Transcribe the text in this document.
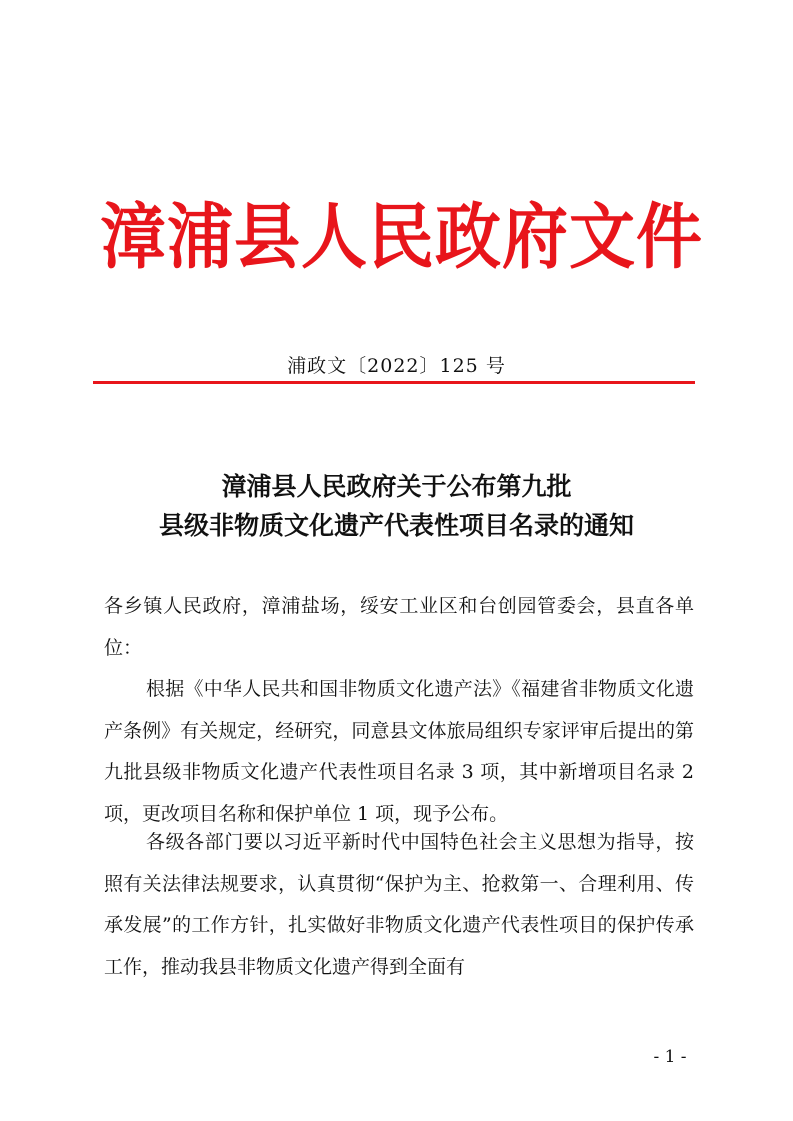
漳浦县人民政府文件
浦政文〔2022〕125 号
漳浦县人民政府关于公布第九批
县级非物质文化遗产代表性项目名录的通知

各乡镇人民政府，漳浦盐场，绥安工业区和台创园管委会，县直各单位：

根据《中华人民共和国非物质文化遗产法》《福建省非物质文化遗产条例》有关规定，经研究，同意县文体旅局组织专家评审后提出的第九批县级非物质文化遗产代表性项目名录 3 项，其中新增项目名录 2 项，更改项目名称和保护单位 1 项，现予公布。

各级各部门要以习近平新时代中国特色社会主义思想为指导，按照有关法律法规要求，认真贯彻“保护为主、抢救第一、合理利用、传承发展”的工作方针，扎实做好非物质文化遗产代表性项目的保护传承工作，推动我县非物质文化遗产得到全面有

- 1 -
